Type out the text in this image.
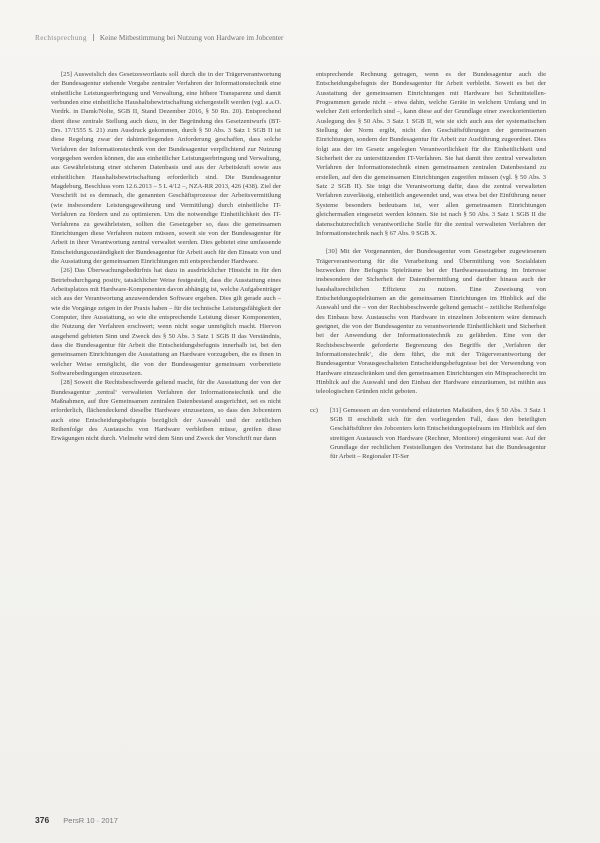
Rechtsprechung Keine Mitbestimmung bei Nutzung von Hardware im Jobcenter

[25] Ausweislich des Gesetzeswortlauts soll durch die in der Trägerverantwortung der Bundesagentur stehende Vorgabe zentraler Verfahren der Informationstechnik eine einheitliche Leistungserbringung und Verwaltung, eine höhere Transparenz und damit verbunden eine einheitliche Haushaltsbewirtschaftung sichergestellt werden (vgl. a.a.O. Vordrk. in Damk/Nolte, SGB II, Stand Dezember 2016, § 50 Rn. 20). Entsprechend dient diese zentrale Stellung auch dazu, in der Begründung des Gesetzentwurfs (BT-Drs. 17/1555 S. 21) zum Ausdruck gekommen, durch § 50 Abs. 3 Satz 1 SGB II ist diese Regelung zwar der dahinterliegenden Anforderung geschaffen, dass solche Verfahren der Informationstechnik von der Bundesagentur verpflichtend zur Nutzung vorgegeben werden können, die aus einheitlicher Leistungserbringung und Verwaltung, aus Gewährleistung einer sicheren Datenbasis und aus der Arbeitskraft sowie aus einheitlichen Haushaltsbewirtschaftung erforderlich sind. Die Bundesagentur Magdeburg, Beschluss vom 12.6.2013 – 5 L 4/12 –, NZA-RR 2013, 426 (438). Ziel der Vorschrift ist es demnach, die genannten Geschäftsprozesse der Arbeitsvermittlung (wie insbesondere Leistungsgewährung und Vermittlung) durch einheitliche IT-Verfahren zu fördern und zu optimieren. Um die notwendige Einheitlichkeit des IT-Verfahrens zu gewährleisten, sollten die Gesetzgeber so, dass die gemeinsamen Einrichtungen diese Verfahren nutzen müssen, soweit sie von der Bundesagentur für Arbeit in ihrer Verantwortung zentral verwaltet werden. Dies gebietet eine umfassende Entscheidungszuständigkeit der Bundesagentur für Arbeit auch für den Einsatz von und die Ausstattung der gemeinsamen Einrichtungen mit entsprechender Hardware.

[26] Das Überwachungsbedürfnis hat dazu in ausdrücklicher Hinsicht in für den Betriebsdurchgang positiv, tatsächlicher Weise festgestellt, dass die Ausstattung eines Arbeitsplatzes mit Hardware-Komponenten davon abhängig ist, welche Aufgabenträger sich aus der Verantwortung anzuwendenden Software ergeben. Dies gilt gerade auch – wie die Vorgänge zeigen in der Praxis haben – für die technische Leistungsfähigkeit der Computer, ihre Ausstattung, so wie die entsprechende Leistung dieser Komponenten, die Nutzung der Verfahren erschwert; wenn nicht sogar unmöglich macht. Hiervon ausgehend gebieten Sinn und Zweck des § 50 Abs. 3 Satz 1 SGB II das Verständnis, dass die Bundesagentur für Arbeit die Entscheidungsbefugnis innerhalb ist, bei den gemeinsamen Einrichtungen die Ausstattung an Hardware vorzugeben, die es ihnen in welcher Weise ermöglicht, die von der Bundesagentur gemeinsam vorbereitete Softwarebedingungen einzusetzen.

[28] Soweit die Rechtsbeschwerde geltend macht, für die Ausstattung der von der Bundesagentur ‚zentral‘ verwalteten Verfahren der Informationstechnik und die Maßnahmen, auf ihre Gemeinsamen zentralen Datenbestand ausgerichtet, sei es nicht erforderlich, flächendeckend dieselbe Hardware einzusetzen, so dass den Jobcentern auch eine Entscheidungsbefugnis bezüglich der Auswahl und der zeitlichen Reihenfolge des Austauschs von Hardware verbleiben müsse, greifen diese Erwägungen nicht durch. Vielmehr wird dem Sinn und Zweck der Vorschrift nur dann

entsprechende Rechnung getragen, wenn es der Bundesagentur auch die Entscheidungsbefugnis der Bundesagentur für Arbeit verbleibt. Soweit es bei der Ausstattung der gemeinsamen Einrichtungen mit Hardware bei Schnittstellen-Programmen gerade nicht – etwa dahin, welche Geräte in welchem Umfang und in welcher Zeit erforderlich sind –, kann diese auf der Grundlage einer zweckorientierten Auslegung des § 50 Abs. 3 Satz 1 SGB II, wie sie sich auch aus der systematischen Stellung der Norm ergibt, nicht den Geschäftsführungen der gemeinsamen Einrichtungen, sondern der Bundesagentur für Arbeit zur Ausführung zugeordnet. Dies folgt aus der im Gesetz angelegten Verantwortlichkeit für die Einheitlichkeit und Sicherheit der zu unterstützenden IT-Verfahren. Sie hat damit ihre zentral verwalteten Verfahren der Informationstechnik einen gemeinsamen zentralen Datenbestand zu erstellen, auf den die gemeinsamen Einrichtungen zugreifen müssen (vgl. § 50 Abs. 3 Satz 2 SGB II). Sie trägt die Verantwortung dafür, dass die zentral verwalteten Verfahren zuverlässig, einheitlich angewendet und, was etwa bei der Einführung neuer Systeme besonders bedeutsam ist, wer allen gemeinsamen Einrichtungen gleichermaßen eingesetzt werden können. Sie ist nach § 50 Abs. 3 Satz 1 SGB II die datenschutzrechtlich verantwortliche Stelle für die zentral verwalteten Verfahren der Informationstechnik nach § 67 Abs. 9 SGB X.

[30] Mit der Vorgenannten, der Bundesagentur vom Gesetzgeber zugewiesenen Trägerverantwortung für die Verarbeitung und Übermittlung von Sozialdaten bezwecken ihre Befugnis Spielräume bei der Hardwareausstattung im Interesse insbesondere der Sicherheit der Datenübermittlung und darüber hinaus auch der haushaltsrechtlichen Effizienz zu nutzen. Eine Zuweisung von Entscheidungsspielräumen an die gemeinsamen Einrichtungen im Hinblick auf die Auswahl und die – von der Rechtsbeschwerde geltend gemacht – zeitliche Reihenfolge des Einbaus bzw. Austauschs von Hardware in einzelnen Jobcentern wäre demnach geeignet, die von der Bundesagentur zu verantwortende Einheitlichkeit und Sicherheit bei der Anwendung der Informationstechnik zu gefährden. Eine von der Rechtsbeschwerde geforderte Begrenzung des Begriffs der ‚Verfahren der Informationstechnik‘, die dem führt, die mit der Trägerverantwortung der Bundesagentur Vorausgeschalteten Entscheidungsbefugnisse bei der Verwendung von Hardware einzuschränken und den gemeinsamen Einrichtungen ein Mitspracherecht im Hinblick auf die Auswahl und den Einbau der Hardware einzuräumen, ist mithin aus teleologischen Gründen nicht geboten.

cc) [31] Gemessen an den vorstehend erläuterten Maßstäben, des § 50 Abs. 3 Satz 1 SGB II erschließt sich für den vorliegenden Fall, dass den beteiligten Geschäftsführer des Jobcenters kein Entscheidungsspielraum im Hinblick auf den streitigen Austausch von Hardware (Rechner, Monitore) eingeräumt war. Auf der Grundlage der rechtlichen Feststellungen des Vorinstanz hat die Bundesagentur für Arbeit – Regionaler IT-Ser

376 PersR 10 · 2017
